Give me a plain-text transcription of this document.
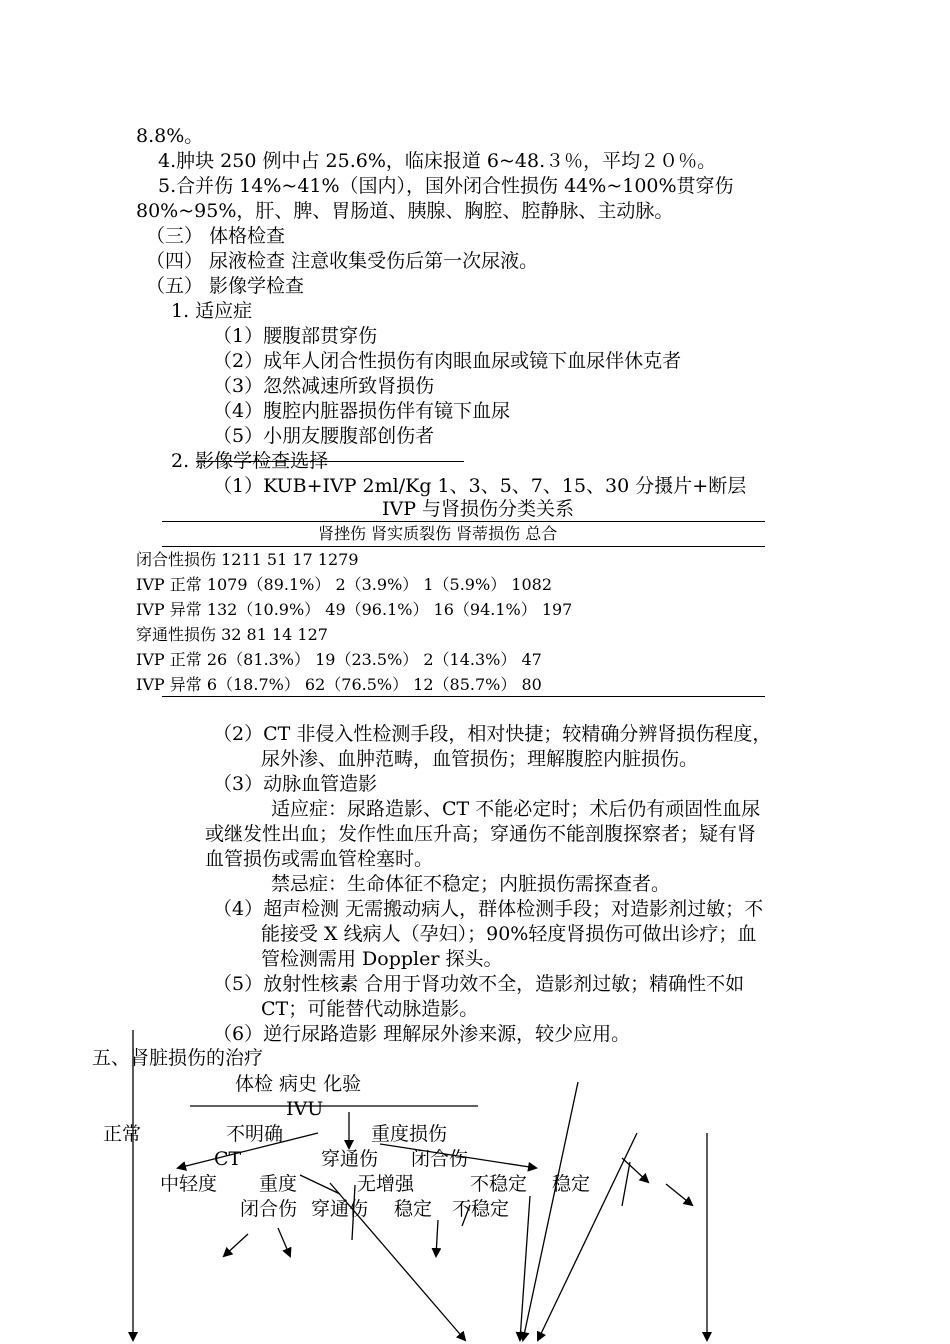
8.8%。
4.肿块 250 例中占 25.6%，临床报道 6~48.３％，平均２０％。
5.合并伤 14%~41%（国内），国外闭合性损伤 44%~100%贯穿伤
80%~95%，肝、脾、胃肠道、胰腺、胸腔、腔静脉、主动脉。
（三） 体格检查
（四） 尿液检查 注意收集受伤后第一次尿液。
（五） 影像学检查
1. 适应症
（1）腰腹部贯穿伤
（2）成年人闭合性损伤有肉眼血尿或镜下血尿伴休克者
（3）忽然减速所致肾损伤
（4）腹腔内脏器损伤伴有镜下血尿
（5）小朋友腰腹部创伤者
2. 影像学检查选择
（1）KUB+IVP 2ml/Kg 1、3、5、7、15、30 分摄片+断层
IVP 与肾损伤分类关系
肾挫伤 肾实质裂伤 肾蒂损伤 总合
闭合性损伤 1211 51 17 1279
IVP 正常 1079（89.1%） 2（3.9%） 1（5.9%） 1082
IVP 异常 132（10.9%） 49（96.1%） 16（94.1%） 197
穿通性损伤 32 81 14 127
IVP 正常 26（81.3%） 19（23.5%） 2（14.3%） 47
IVP 异常 6（18.7%） 62（76.5%） 12（85.7%） 80
（2）CT 非侵入性检测手段，相对快捷；较精确分辨肾损伤程度，
尿外渗、血肿范畴，血管损伤；理解腹腔内脏损伤。
（3）动脉血管造影
适应症：尿路造影、CT 不能必定时；术后仍有顽固性血尿
或继发性出血；发作性血压升高；穿通伤不能剖腹探察者；疑有肾
血管损伤或需血管栓塞时。
禁忌症：生命体征不稳定；内脏损伤需探查者。
（4）超声检测 无需搬动病人，群体检测手段；对造影剂过敏；不
能接受 X 线病人（孕妇）；90%轻度肾损伤可做出诊疗；血
管检测需用 Doppler 探头。
（5）放射性核素 合用于肾功效不全，造影剂过敏；精确性不如
CT；可能替代动脉造影。
（6）逆行尿路造影 理解尿外渗来源，较少应用。
五、肾脏损伤的治疗
体检 病史 化验
IVU
正常	不明确	重度损伤
CT	穿通伤 闭合伤
中轻度 重度	无增强	不稳定 稳定
闭合伤 穿通伤 稳定 不稳定
